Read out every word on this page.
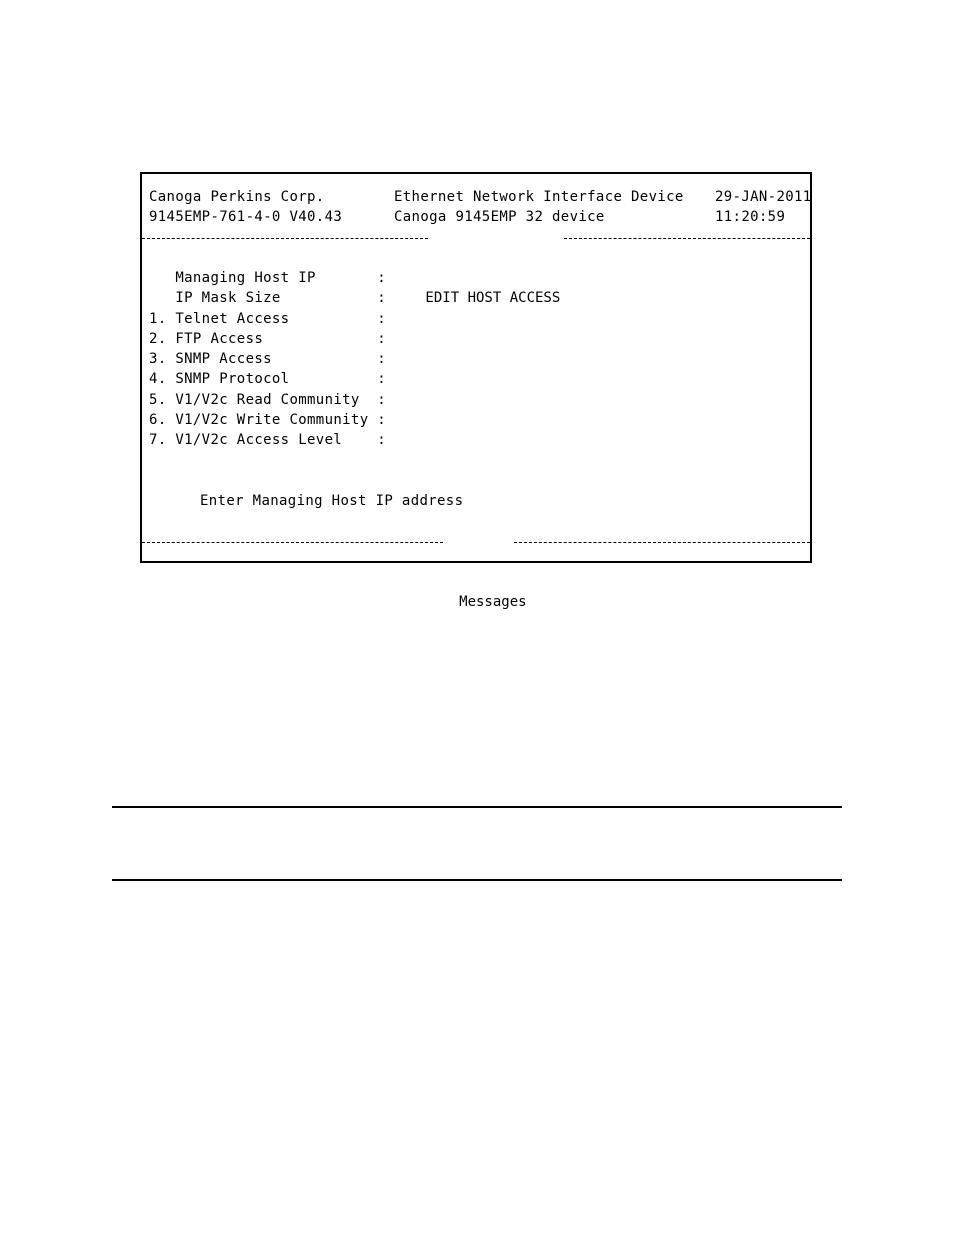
Canoga Perkins Corp.	Ethernet Network Interface Device 29-JAN-2011
9145EMP-761-4-0 V40.43	Canoga 9145EMP 32 device	11:20:59

EDIT HOST ACCESS

Managing Host IP       :
IP Mask Size           :
1. Telnet Access          :
2. FTP Access             :
3. SNMP Access            :
4. SNMP Protocol          :
5. V1/V2c Read Community  :
6. V1/V2c Write Community :
7. V1/V2c Access Level    :
Enter Managing Host IP address

Messages
